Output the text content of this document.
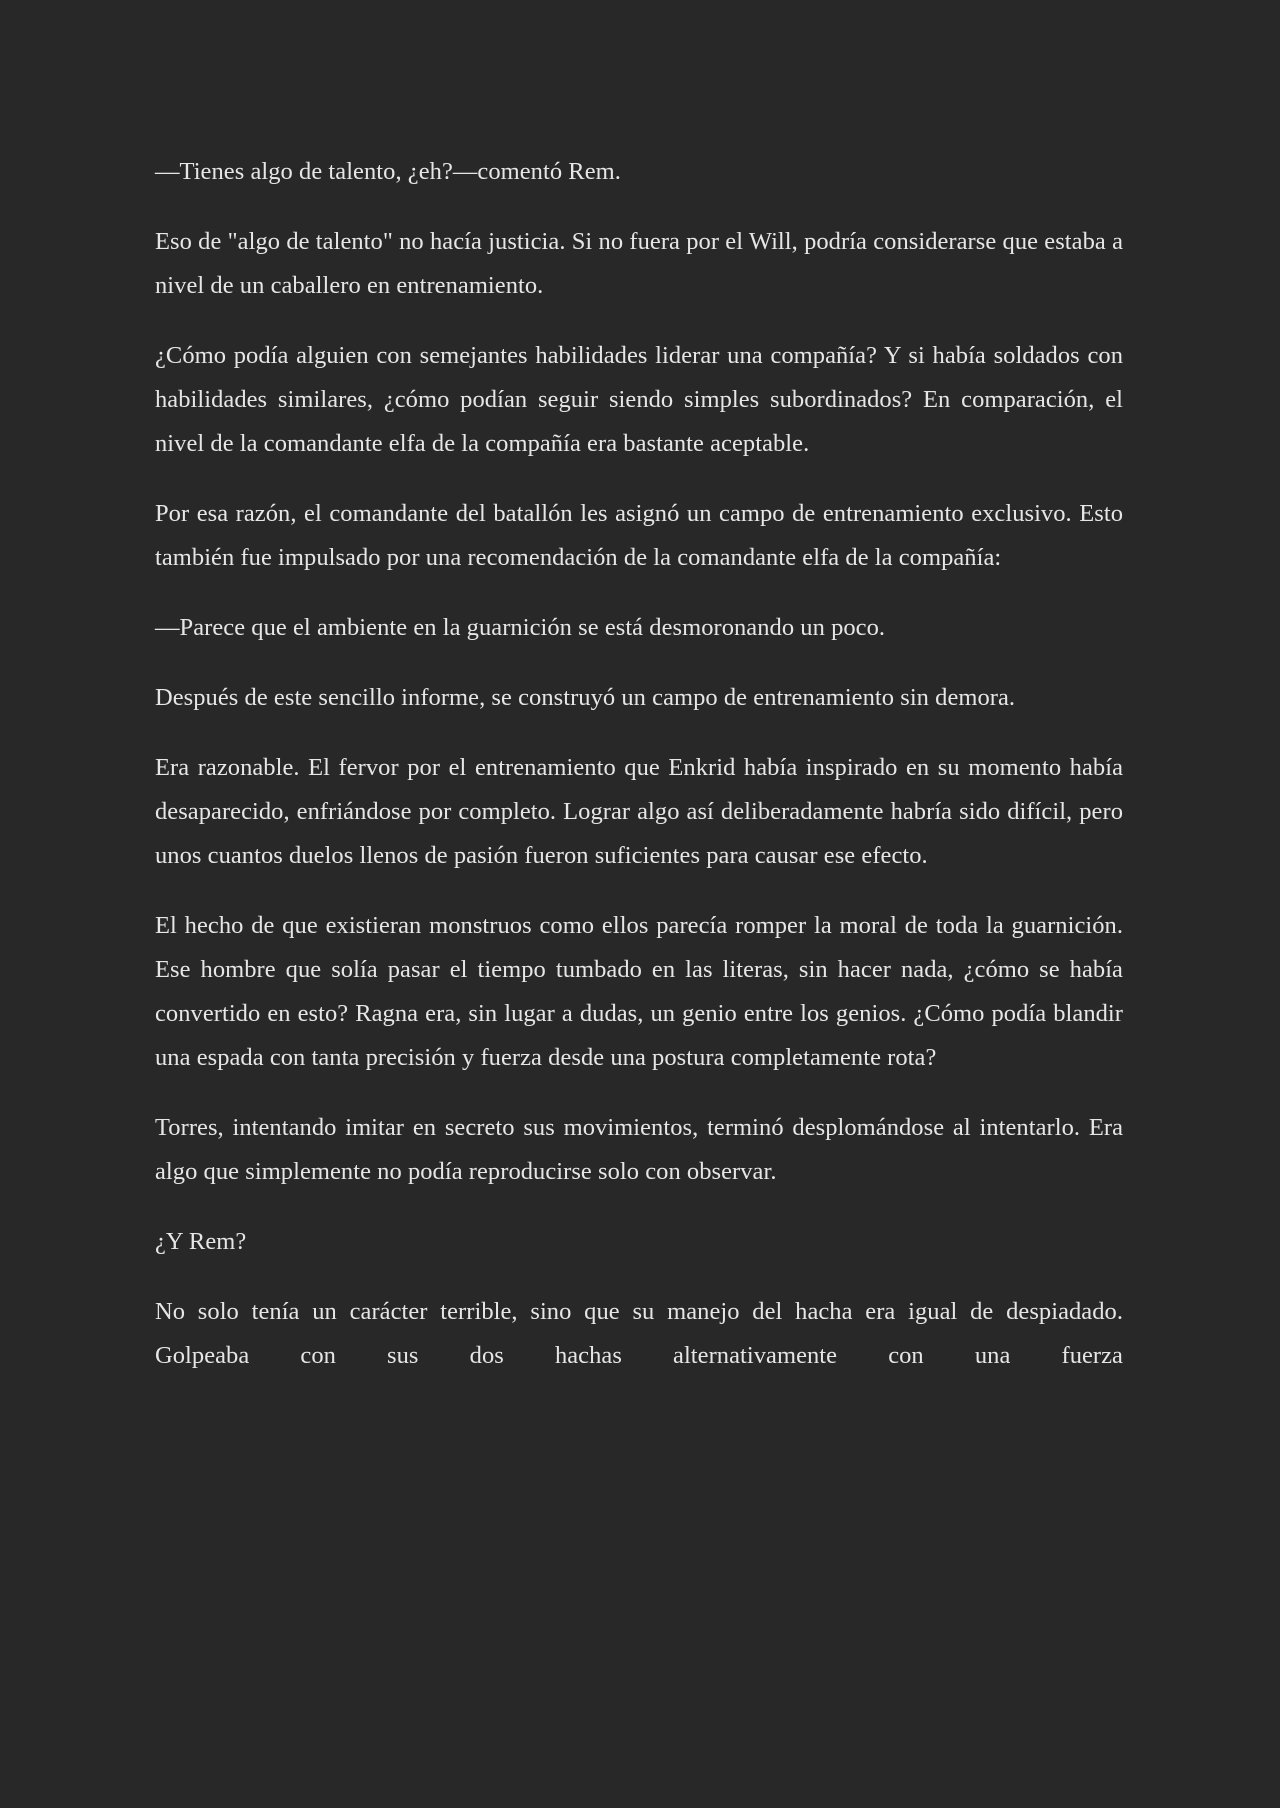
—Tienes algo de talento, ¿eh?—comentó Rem.

Eso de "algo de talento" no hacía justicia. Si no fuera por el Will, podría considerarse que estaba a nivel de un caballero en entrenamiento.

¿Cómo podía alguien con semejantes habilidades liderar una compañía? Y si había soldados con habilidades similares, ¿cómo podían seguir siendo simples subordinados? En comparación, el nivel de la comandante elfa de la compañía era bastante aceptable.

Por esa razón, el comandante del batallón les asignó un campo de entrenamiento exclusivo. Esto también fue impulsado por una recomendación de la comandante elfa de la compañía:

—Parece que el ambiente en la guarnición se está desmoronando un poco.

Después de este sencillo informe, se construyó un campo de entrenamiento sin demora.

Era razonable. El fervor por el entrenamiento que Enkrid había inspirado en su momento había desaparecido, enfriándose por completo. Lograr algo así deliberadamente habría sido difícil, pero unos cuantos duelos llenos de pasión fueron suficientes para causar ese efecto.

El hecho de que existieran monstruos como ellos parecía romper la moral de toda la guarnición. Ese hombre que solía pasar el tiempo tumbado en las literas, sin hacer nada, ¿cómo se había convertido en esto? Ragna era, sin lugar a dudas, un genio entre los genios. ¿Cómo podía blandir una espada con tanta precisión y fuerza desde una postura completamente rota?

Torres, intentando imitar en secreto sus movimientos, terminó desplomándose al intentarlo. Era algo que simplemente no podía reproducirse solo con observar.

¿Y Rem?

No solo tenía un carácter terrible, sino que su manejo del hacha era igual de despiadado. Golpeaba con sus dos hachas alternativamente con una fuerza
